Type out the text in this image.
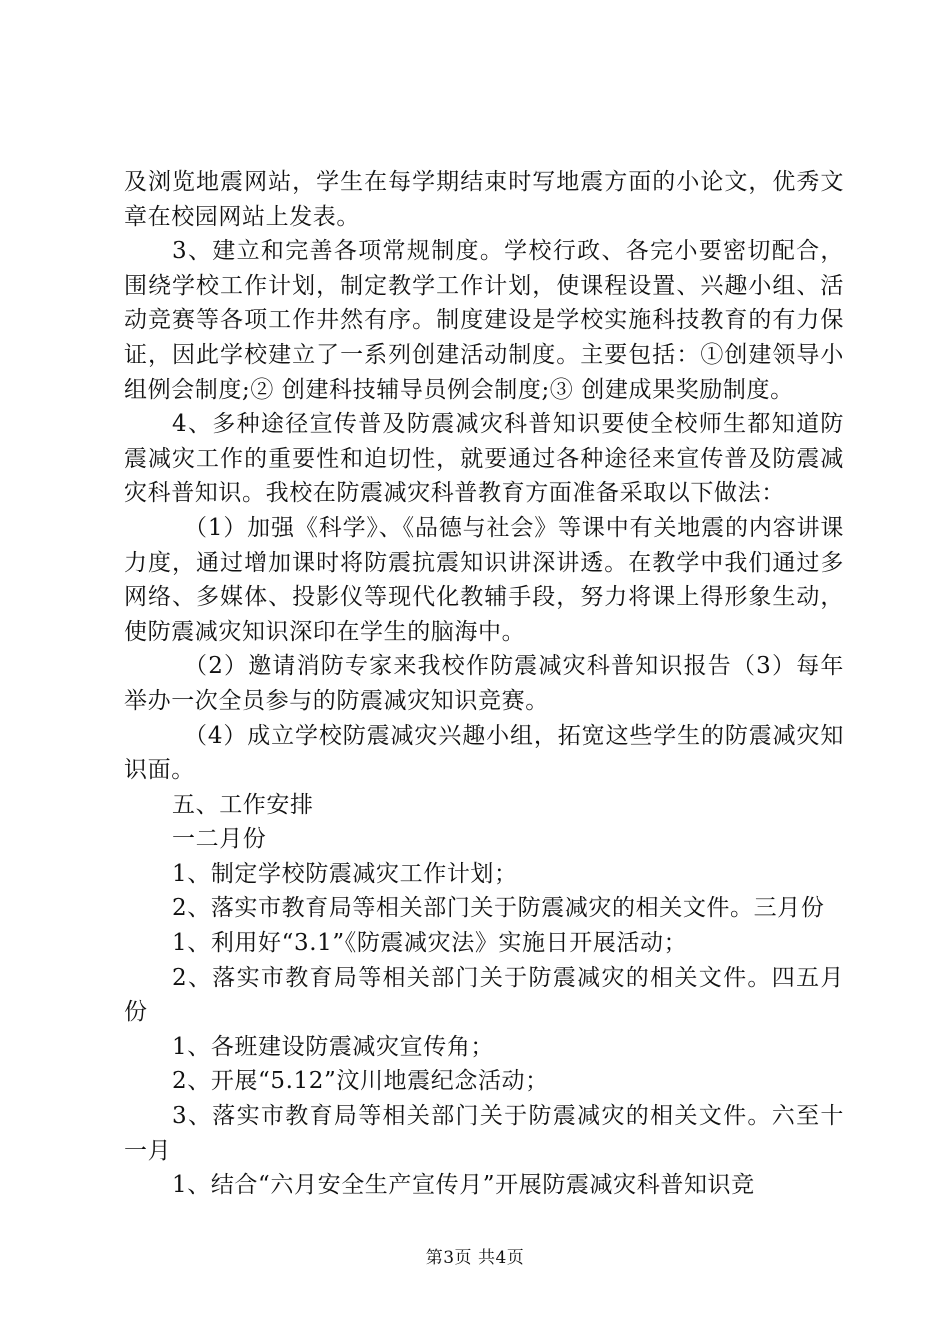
及浏览地震网站，学生在每学期结束时写地震方面的小论文，优秀文章在校园网站上发表。

3、建立和完善各项常规制度。学校行政、各完小要密切配合，围绕学校工作计划，制定教学工作计划，使课程设置、兴趣小组、活动竞赛等各项工作井然有序。制度建设是学校实施科技教育的有力保证，因此学校建立了一系列创建活动制度。主要包括：①创建领导小组例会制度;② 创建科技辅导员例会制度;③ 创建成果奖励制度。

4、多种途径宣传普及防震减灾科普知识要使全校师生都知道防震减灾工作的重要性和迫切性，就要通过各种途径来宣传普及防震减灾科普知识。我校在防震减灾科普教育方面准备采取以下做法：

（1）加强《科学》、《品德与社会》等课中有关地震的内容讲课力度，通过增加课时将防震抗震知识讲深讲透。在教学中我们通过多网络、多媒体、投影仪等现代化教辅手段，努力将课上得形象生动，使防震减灾知识深印在学生的脑海中。

（2）邀请消防专家来我校作防震减灾科普知识报告（3）每年举办一次全员参与的防震减灾知识竞赛。

（4）成立学校防震减灾兴趣小组，拓宽这些学生的防震减灾知识面。

五、工作安排

一二月份

1、制定学校防震减灾工作计划；

2、落实市教育局等相关部门关于防震减灾的相关文件。三月份

1、利用好“3.1”《防震减灾法》实施日开展活动；

2、落实市教育局等相关部门关于防震减灾的相关文件。四五月份

1、各班建设防震减灾宣传角；

2、开展“5.12”汶川地震纪念活动；

3、落实市教育局等相关部门关于防震减灾的相关文件。六至十一月

1、结合“六月安全生产宣传月”开展防震减灾科普知识竞

第3页 共4页
